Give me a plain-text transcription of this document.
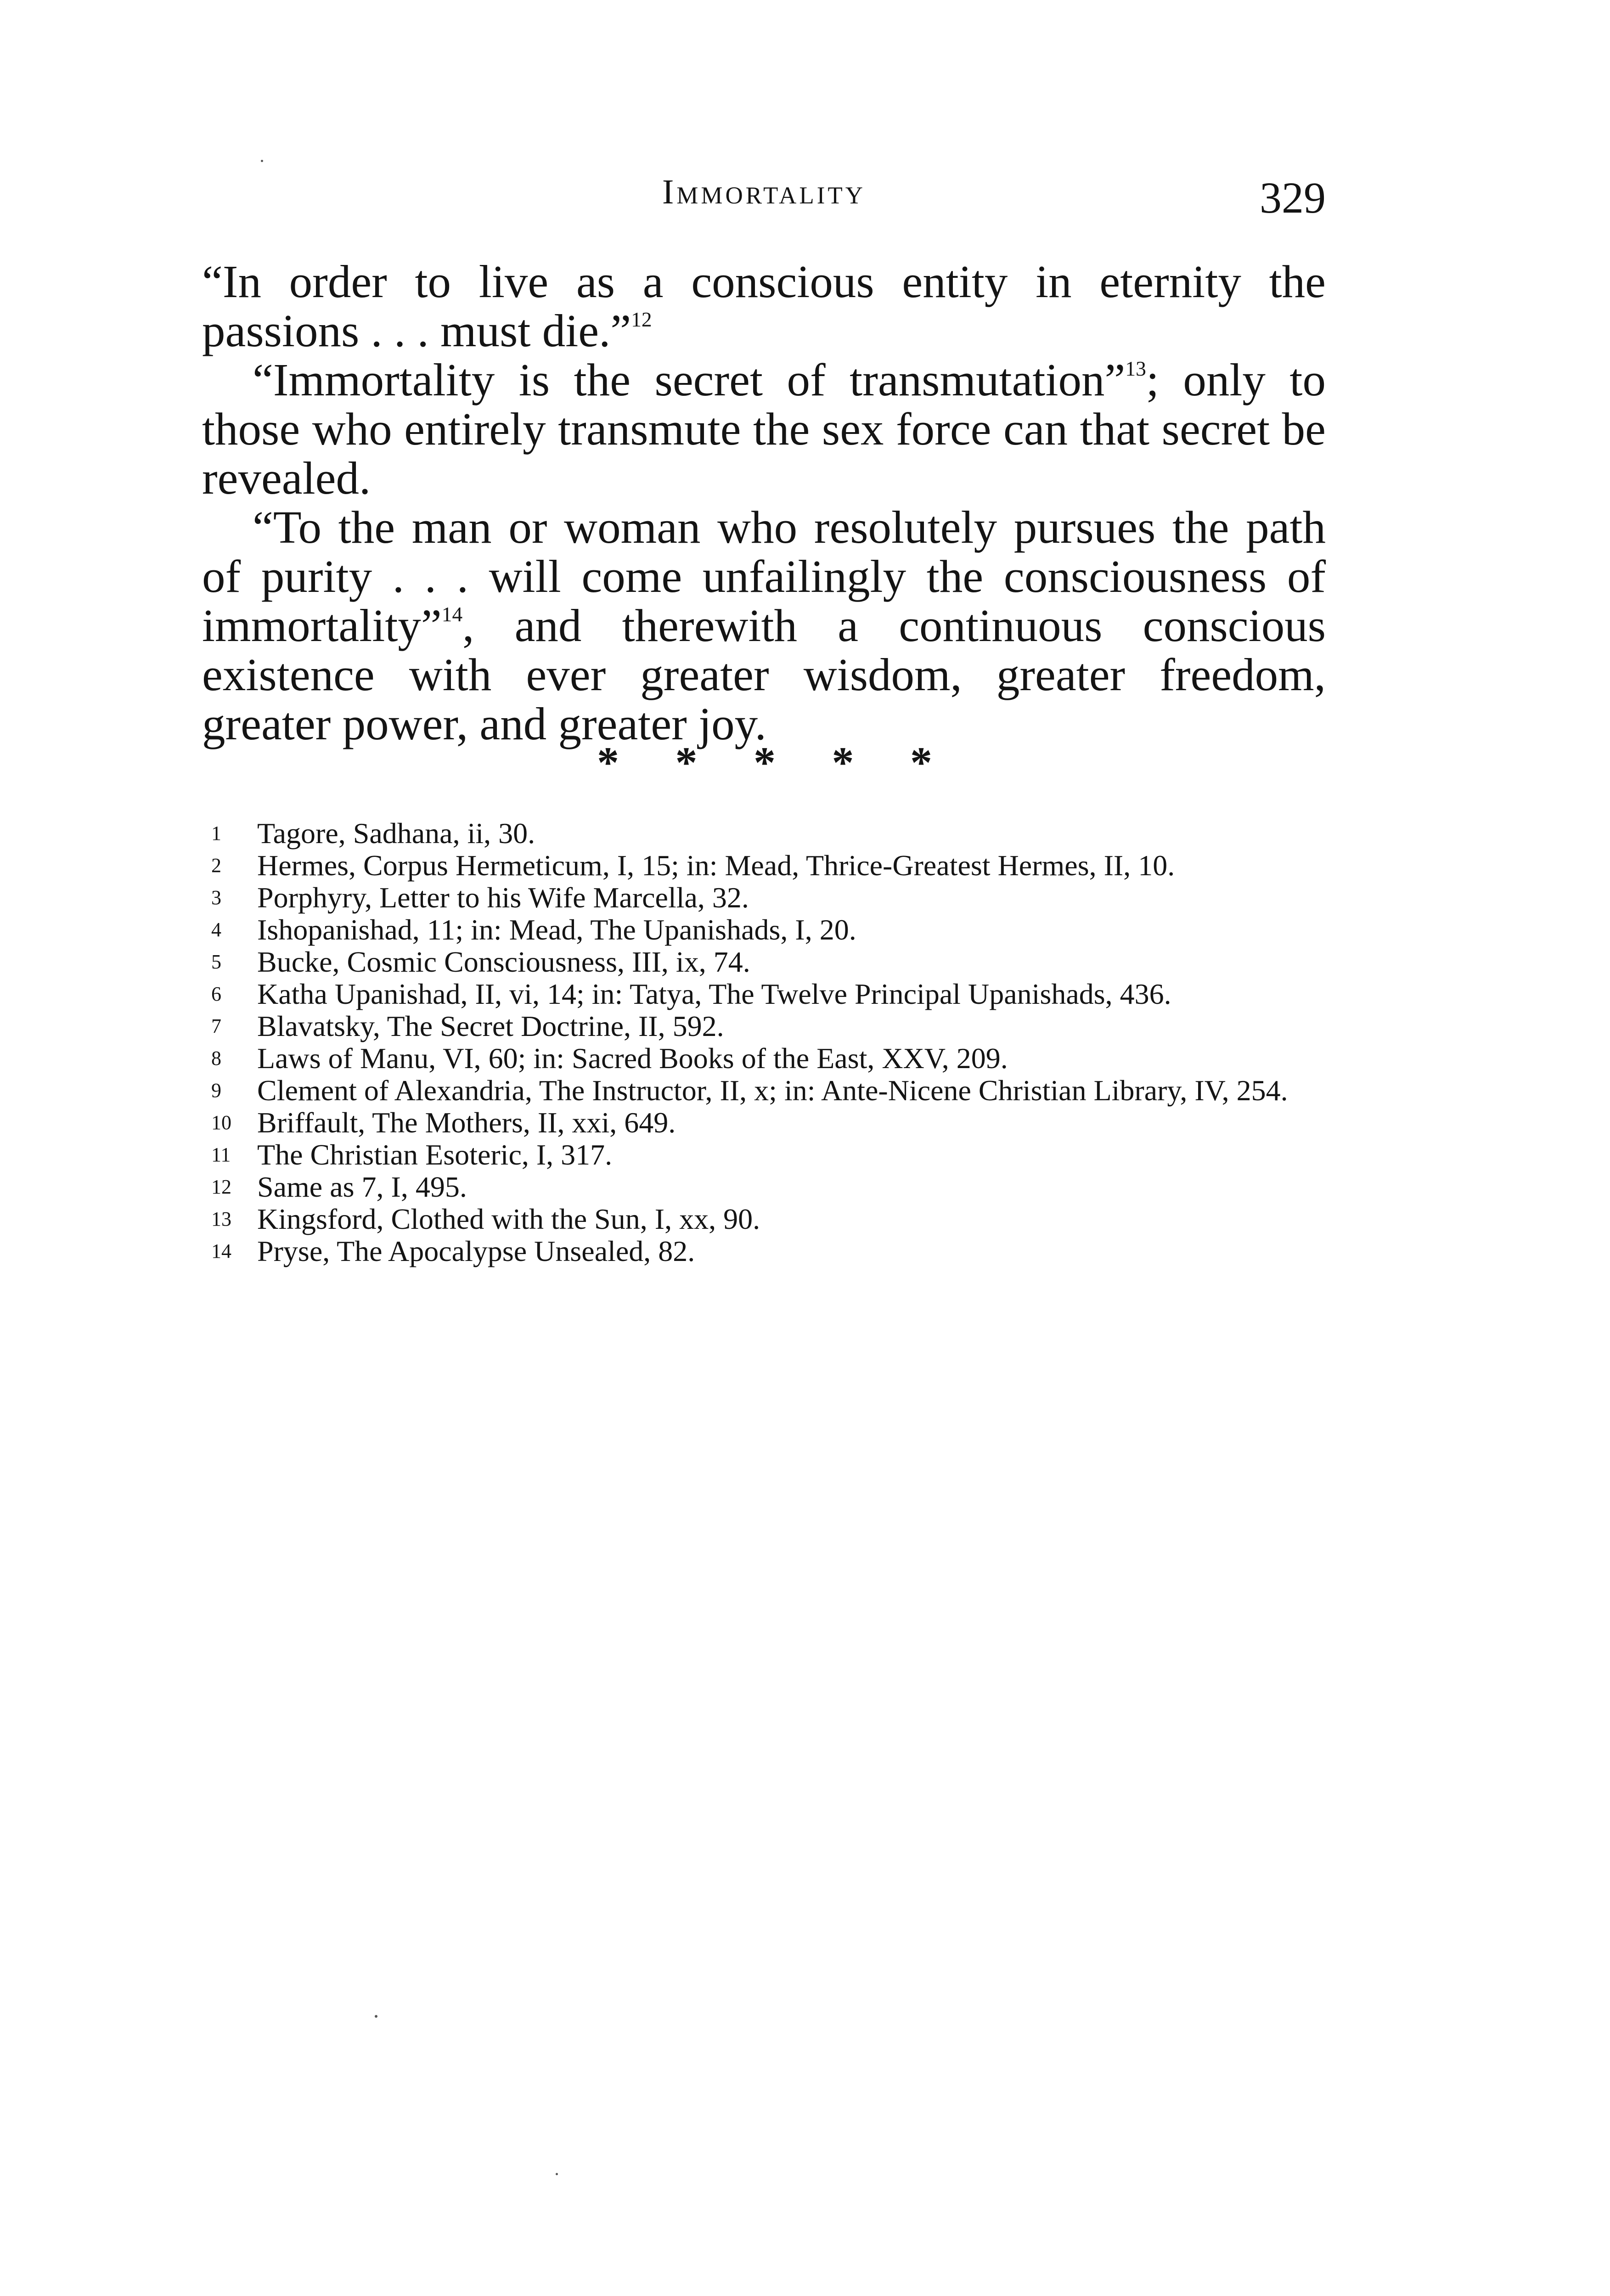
Immortality	329

“In order to live as a conscious entity in eternity the passions . . . must die.”$^{12}$

“Immortality is the secret of transmutation”$^{13}$; only to those who entirely transmute the sex force can that secret be revealed.

“To the man or woman who resolutely pursues the path of purity . . . will come unfailingly the consciousness of immortality”$^{14}$, and therewith a continuous conscious existence with ever greater wisdom, greater freedom, greater power, and greater joy.

* * * * *
1 Tagore, Sadhana, ii, 30.
2 Hermes, Corpus Hermeticum, I, 15; in: Mead, Thrice-Greatest Hermes, II, 10.
3 Porphyry, Letter to his Wife Marcella, 32.
4 Ishopanishad, 11; in: Mead, The Upanishads, I, 20.
5 Bucke, Cosmic Consciousness, III, ix, 74.
6 Katha Upanishad, II, vi, 14; in: Tatya, The Twelve Principal Upanishads, 436.
7 Blavatsky, The Secret Doctrine, II, 592.
8 Laws of Manu, VI, 60; in: Sacred Books of the East, XXV, 209.
9 Clement of Alexandria, The Instructor, II, x; in: Ante-Nicene Christian Library, IV, 254.
10 Briffault, The Mothers, II, xxi, 649.
11 The Christian Esoteric, I, 317.
12 Same as 7, I, 495.
13 Kingsford, Clothed with the Sun, I, xx, 90.
14 Pryse, The Apocalypse Unsealed, 82.
